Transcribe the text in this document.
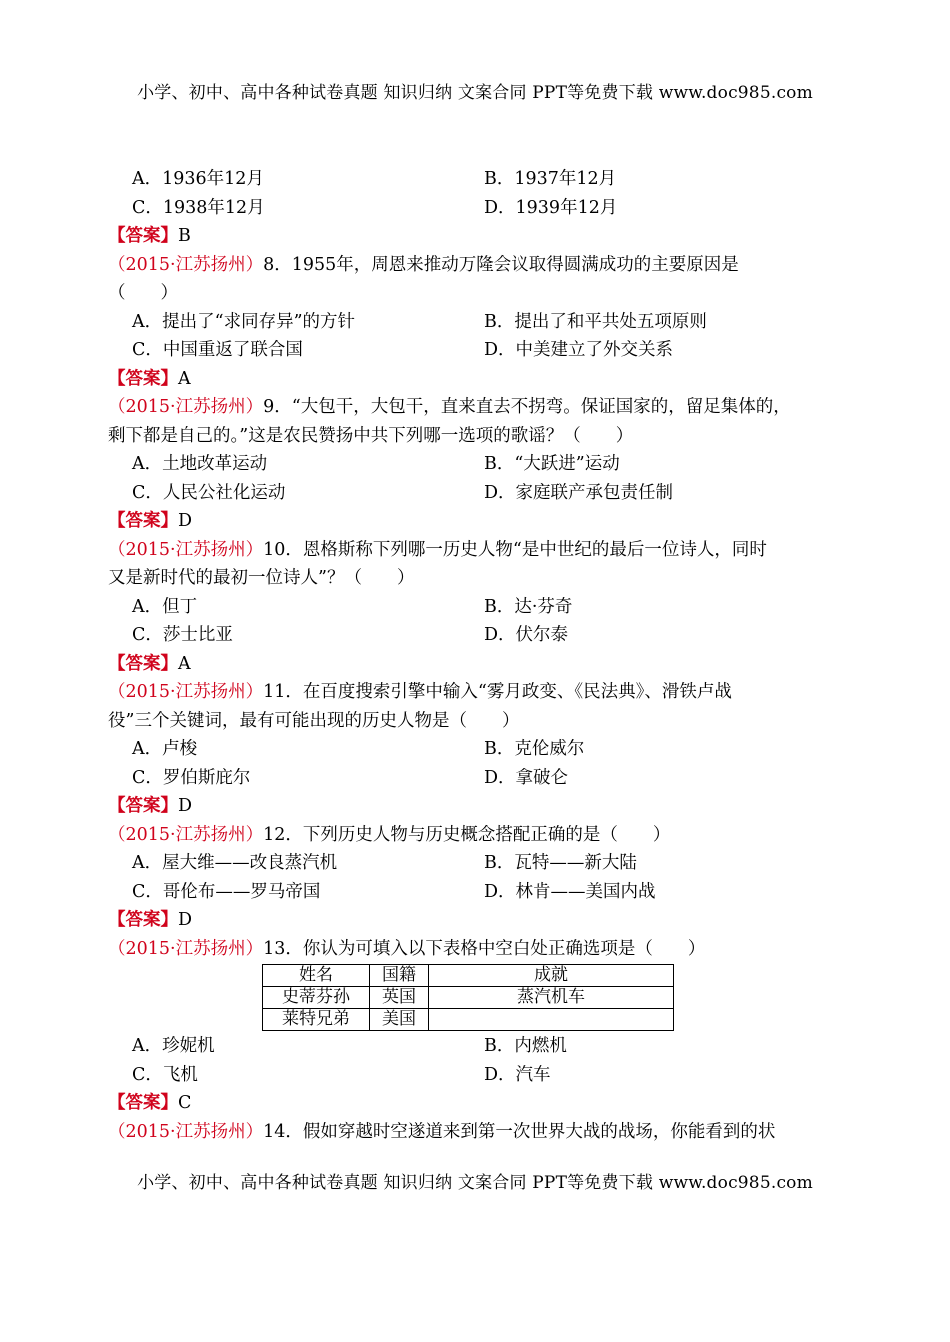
小学、初中、高中各种试卷真题 知识归纳 文案合同 PPT等免费下载 www.doc985.com
A．1936年12月	B．1937年12月
C．1938年12月	D．1939年12月
【答案】B
（2015·江苏扬州）8．1955年，周恩来推动万隆会议取得圆满成功的主要原因是
（　　）
A．提出了“求同存异”的方针	B．提出了和平共处五项原则
C．中国重返了联合国	D．中美建立了外交关系
【答案】A
（2015·江苏扬州）9．“大包干，大包干，直来直去不拐弯。保证国家的，留足集体的，
剩下都是自己的。”这是农民赞扬中共下列哪一选项的歌谣？（　　）
A．土地改革运动	B．“大跃进”运动
C．人民公社化运动	D．家庭联产承包责任制
【答案】D
（2015·江苏扬州）10．恩格斯称下列哪一历史人物“是中世纪的最后一位诗人，同时
又是新时代的最初一位诗人”？（　　）
A．但丁	B．达·芬奇
C．莎士比亚	D．伏尔泰
【答案】A
（2015·江苏扬州）11．在百度搜索引擎中输入“雾月政变、《民法典》、滑铁卢战
役”三个关键词，最有可能出现的历史人物是（　　）
A．卢梭	B．克伦威尔
C．罗伯斯庇尔	D．拿破仑
【答案】D
（2015·江苏扬州）12．下列历史人物与历史概念搭配正确的是（　　）
A．屋大维——改良蒸汽机	B．瓦特——新大陆
C．哥伦布——罗马帝国	D．林肯——美国内战
【答案】D
（2015·江苏扬州）13．你认为可填入以下表格中空白处正确选项是（　　）
姓名	国籍	成就
史蒂芬孙	英国	蒸汽机车
莱特兄弟	美国	
A．珍妮机	B．内燃机
C．飞机	D．汽车
【答案】C
（2015·江苏扬州）14．假如穿越时空遂道来到第一次世界大战的战场，你能看到的状
小学、初中、高中各种试卷真题 知识归纳 文案合同 PPT等免费下载 www.doc985.com
